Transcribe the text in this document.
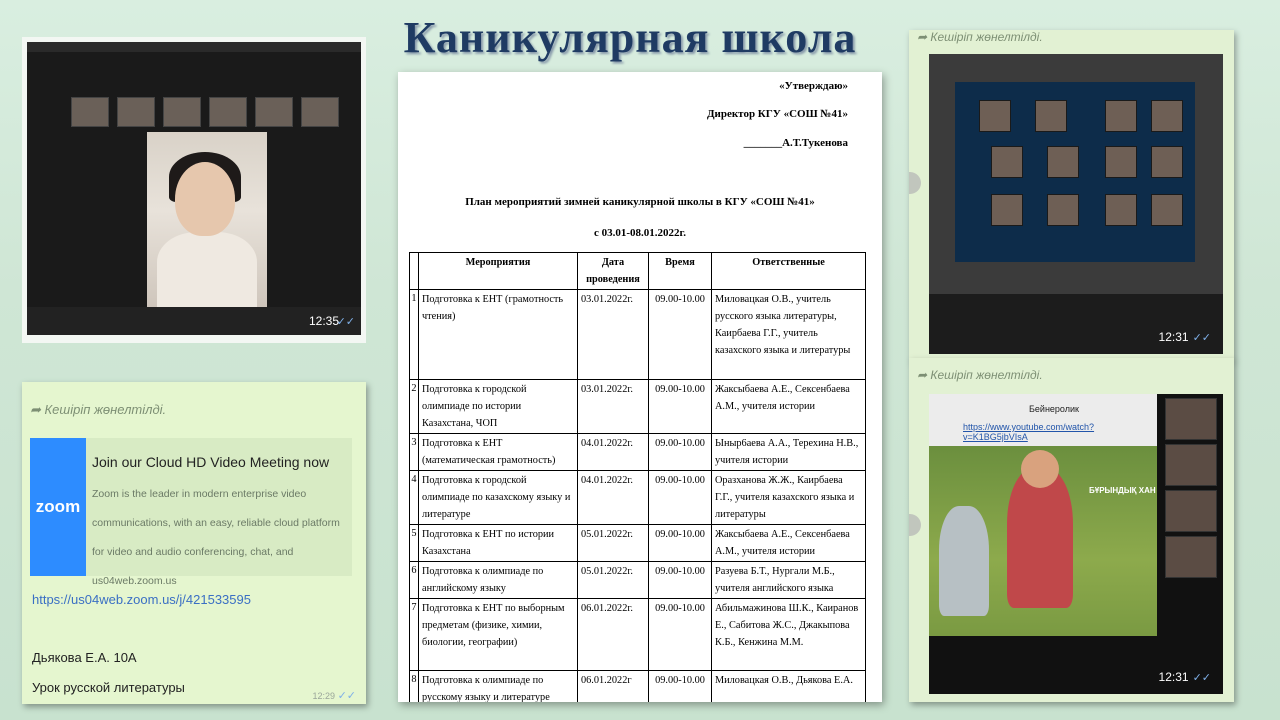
Каникулярная школа
12:35
✓✓
➦ Кешіріп жөнелтілді.
zoom
Join our Cloud HD Video Meeting now
Zoom is the leader in modern enterprise video communications, with an easy, reliable cloud platform for video and audio conferencing, chat, and us04web.zoom.us
https://us04web.zoom.us/j/421533595
Дьякова Е.А. 10А
Урок русской литературы
12:29 ✓✓
«Утверждаю»
Директор КГУ «СОШ №41»
_______А.Т.Тукенова
План мероприятий зимней каникулярной школы в КГУ «СОШ №41»
с 03.01-08.01.2022г.
	Мероприятия	Дата проведения	Время	Ответственные
1	Подготовка к ЕНТ (грамотность чтения)	03.01.2022г.	09.00-10.00	Миловацкая О.В., учитель русского языка литературы, Каирбаева Г.Г., учитель казахского языка и литературы
2	Подготовка к городской олимпиаде по истории Казахстана, ЧОП	03.01.2022г.	09.00-10.00	Жаксыбаева А.Е., Сексенбаева А.М., учителя истории
3	Подготовка к ЕНТ (математическая грамотность)	04.01.2022г.	09.00-10.00	Ыныр6аева А.А., Терехина Н.В., учителя истории
4	Подготовка к городской олимпиаде по казахскому языку и литературе	04.01.2022г.	09.00-10.00	Оразханова Ж.Ж., Каирбаева Г.Г., учителя казахского языка и литературы
5	Подготовка к ЕНТ по истории Казахстана	05.01.2022г.	09.00-10.00	Жаксыбаева А.Е., Сексенбаева А.М., учителя истории
6	Подготовка к олимпиаде по английскому языку	05.01.2022г.	09.00-10.00	Разуева Б.Т., Нургали М.Б., учителя английского языка
7	Подготовка к ЕНТ по выборным предметам (физике, химии, биологии, географии)	06.01.2022г.	09.00-10.00	Абильмажинова Ш.К., Каиранов Е., Сабитова Ж.С., Джакыпова К.Б., Кенжина М.М.
8	Подготовка к олимпиаде по русскому языку и литературе	06.01.2022г	09.00-10.00	Миловацкая О.В., Дьякова Е.А.
➦ Кешіріп жөнелтілді.
12:31 ✓✓
➦ Кешіріп жөнелтілді.
Бейнеролик
https://www.youtube.com/watch?v=K1BG5jbVIsA
БҰРЫНДЫҚ ХАН
12:31 ✓✓
